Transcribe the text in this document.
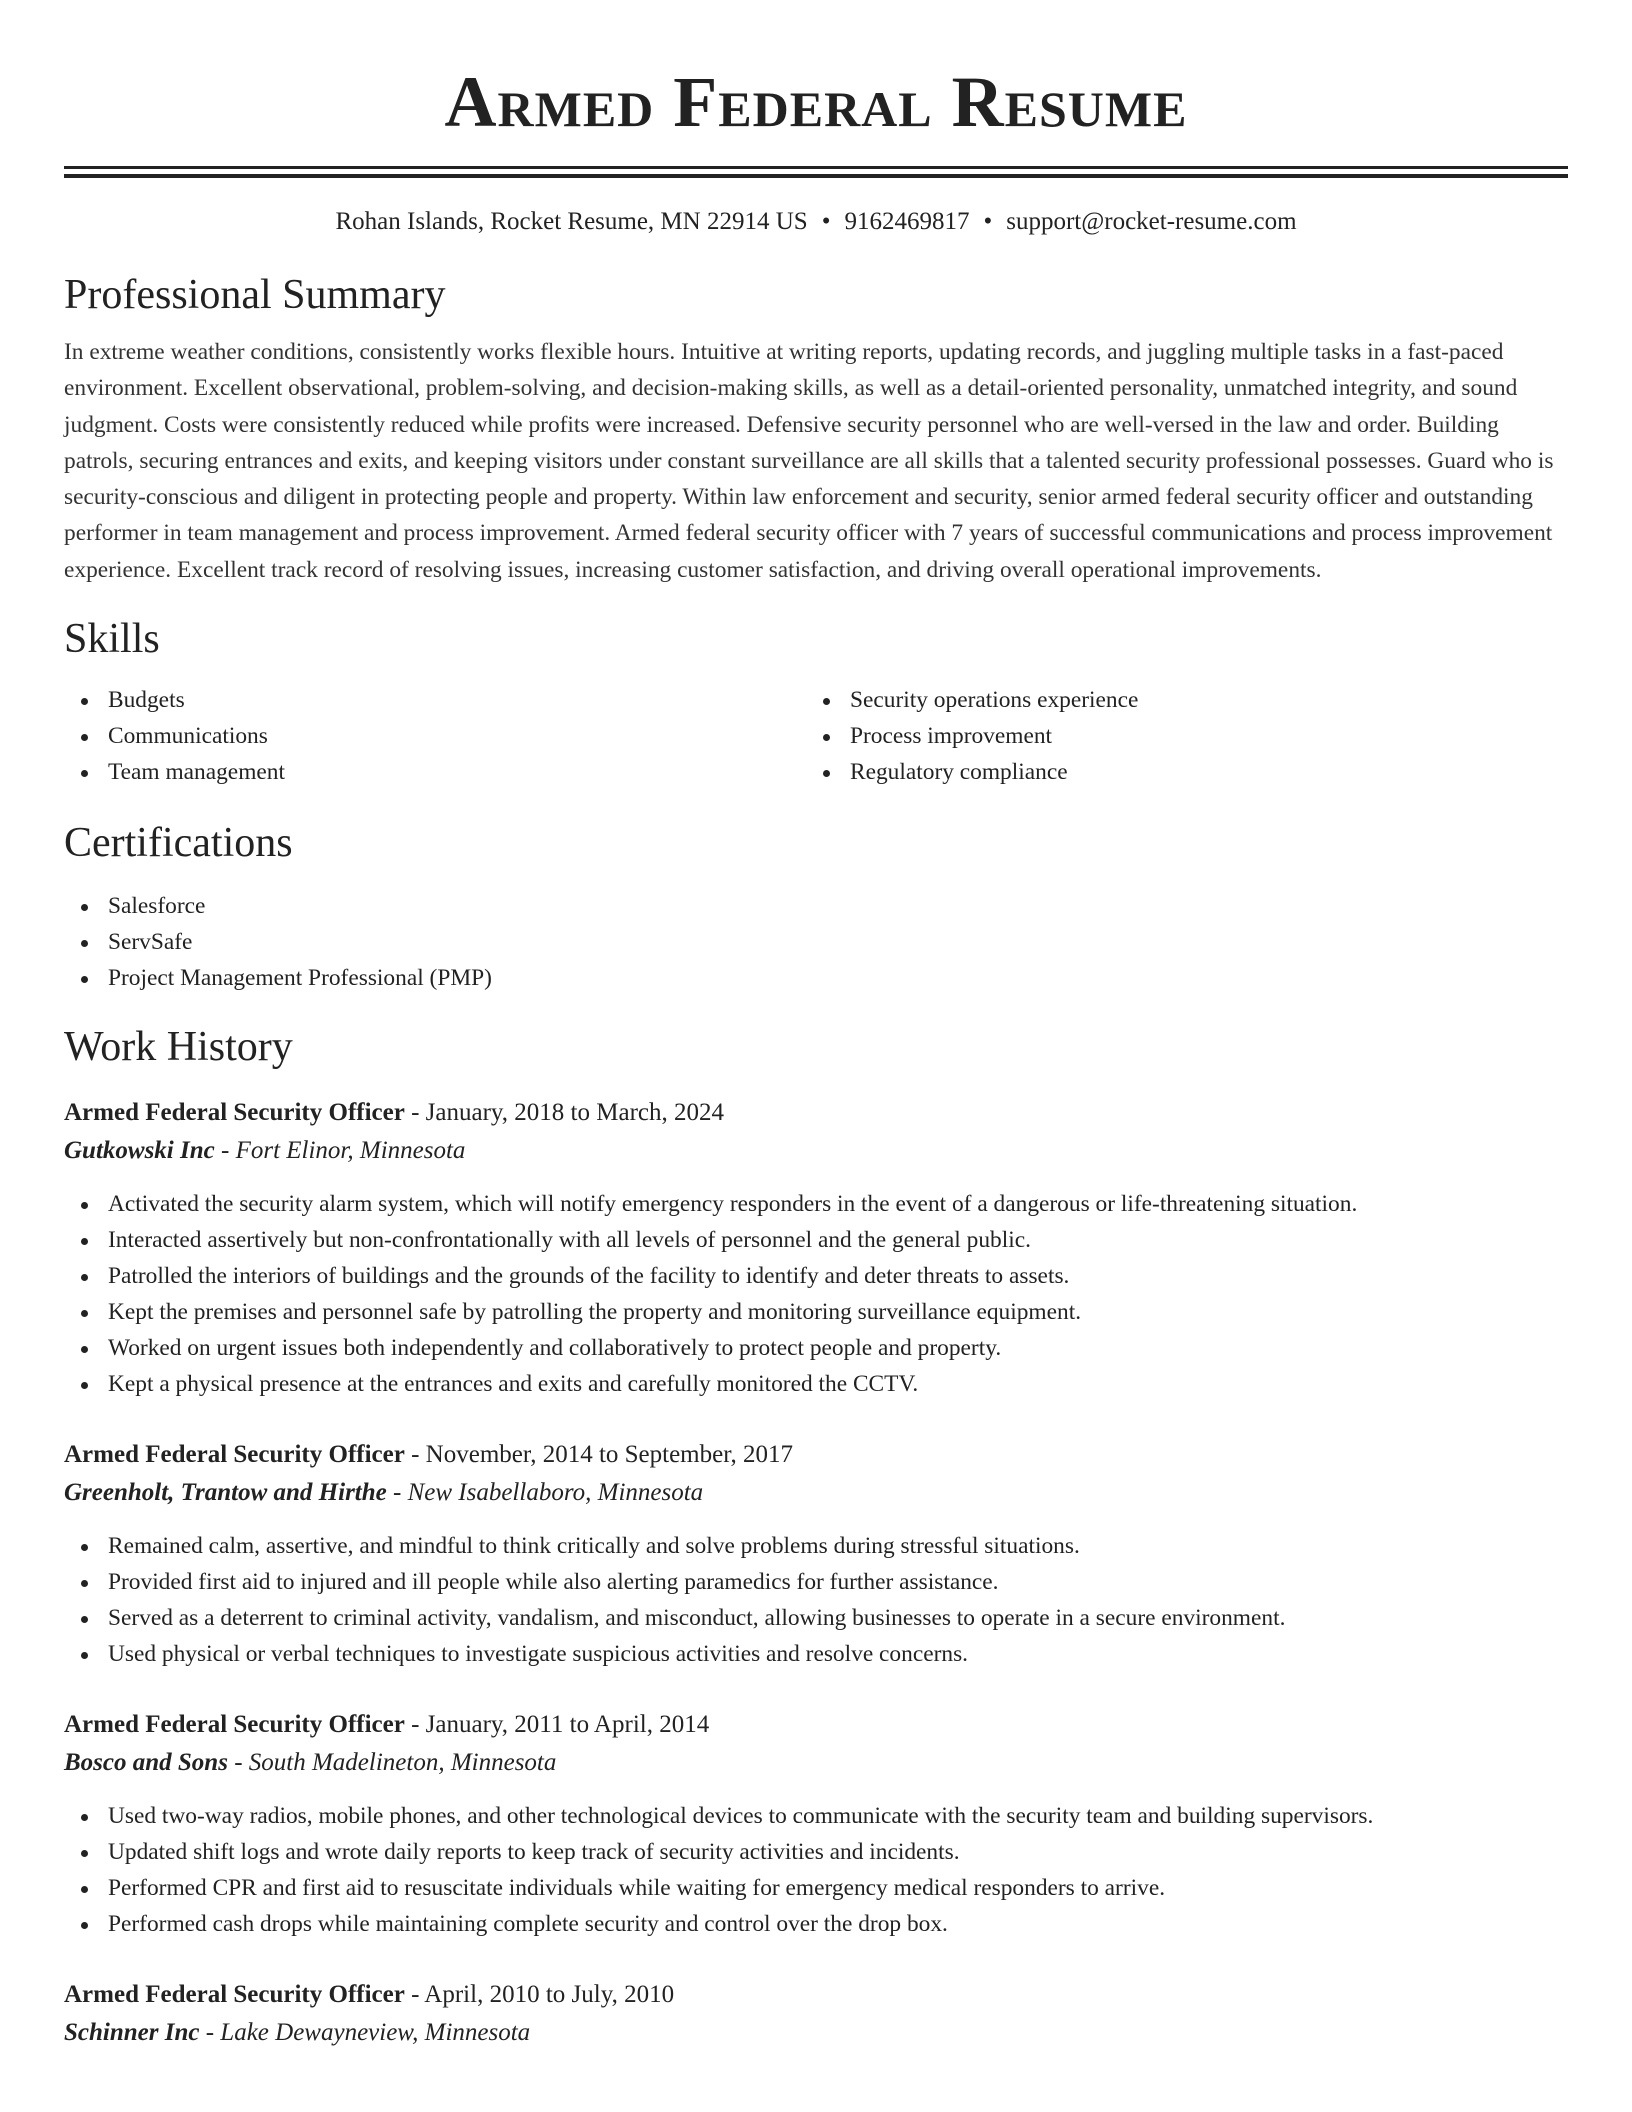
Armed Federal Resume
Rohan Islands, Rocket Resume, MN 22914 US • 9162469817 • support@rocket-resume.com
Professional Summary

In extreme weather conditions, consistently works flexible hours. Intuitive at writing reports, updating records, and juggling multiple tasks in a fast-paced environment. Excellent observational, problem-solving, and decision-making skills, as well as a detail-oriented personality, unmatched integrity, and sound judgment. Costs were consistently reduced while profits were increased. Defensive security personnel who are well-versed in the law and order. Building patrols, securing entrances and exits, and keeping visitors under constant surveillance are all skills that a talented security professional possesses. Guard who is security-conscious and diligent in protecting people and property. Within law enforcement and security, senior armed federal security officer and outstanding performer in team management and process improvement. Armed federal security officer with 7 years of successful communications and process improvement experience. Excellent track record of resolving issues, increasing customer satisfaction, and driving overall operational improvements.

Skills
Budgets
Communications
Team management
Security operations experience
Process improvement
Regulatory compliance
Certifications
Salesforce
ServSafe
Project Management Professional (PMP)
Work History
Armed Federal Security Officer - January, 2018 to March, 2024
Gutkowski Inc - Fort Elinor, Minnesota
Activated the security alarm system, which will notify emergency responders in the event of a dangerous or life-threatening situation.
Interacted assertively but non-confrontationally with all levels of personnel and the general public.
Patrolled the interiors of buildings and the grounds of the facility to identify and deter threats to assets.
Kept the premises and personnel safe by patrolling the property and monitoring surveillance equipment.
Worked on urgent issues both independently and collaboratively to protect people and property.
Kept a physical presence at the entrances and exits and carefully monitored the CCTV.
Armed Federal Security Officer - November, 2014 to September, 2017
Greenholt, Trantow and Hirthe - New Isabellaboro, Minnesota
Remained calm, assertive, and mindful to think critically and solve problems during stressful situations.
Provided first aid to injured and ill people while also alerting paramedics for further assistance.
Served as a deterrent to criminal activity, vandalism, and misconduct, allowing businesses to operate in a secure environment.
Used physical or verbal techniques to investigate suspicious activities and resolve concerns.
Armed Federal Security Officer - January, 2011 to April, 2014
Bosco and Sons - South Madelineton, Minnesota
Used two-way radios, mobile phones, and other technological devices to communicate with the security team and building supervisors.
Updated shift logs and wrote daily reports to keep track of security activities and incidents.
Performed CPR and first aid to resuscitate individuals while waiting for emergency medical responders to arrive.
Performed cash drops while maintaining complete security and control over the drop box.
Armed Federal Security Officer - April, 2010 to July, 2010
Schinner Inc - Lake Dewayneview, Minnesota
